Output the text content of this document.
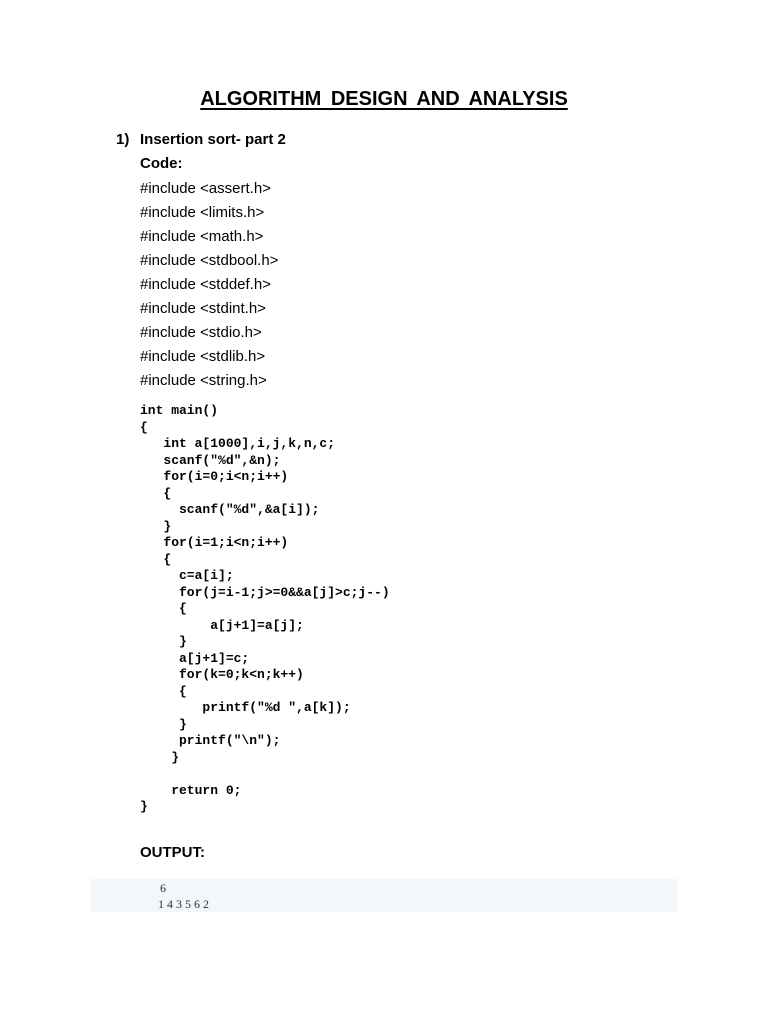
ALGORITHM DESIGN AND ANALYSIS
1) Insertion sort- part 2
Code:
#include <assert.h>
#include <limits.h>
#include <math.h>
#include <stdbool.h>
#include <stddef.h>
#include <stdint.h>
#include <stdio.h>
#include <stdlib.h>
#include <string.h>
int main()
{
int a[1000],i,j,k,n,c;
scanf("%d",&n);
for(i=0;i<n;i++)
{
scanf("%d",&a[i]);
}
for(i=1;i<n;i++)
{
c=a[i];
for(j=i-1;j>=0&&a[j]>c;j--)
{
a[j+1]=a[j];
}
a[j+1]=c;
for(k=0;k<n;k++)
{
printf("%d ",a[k]);
}
printf("\n");
}

return 0;
}
OUTPUT:
6
1 4 3 5 6 2
